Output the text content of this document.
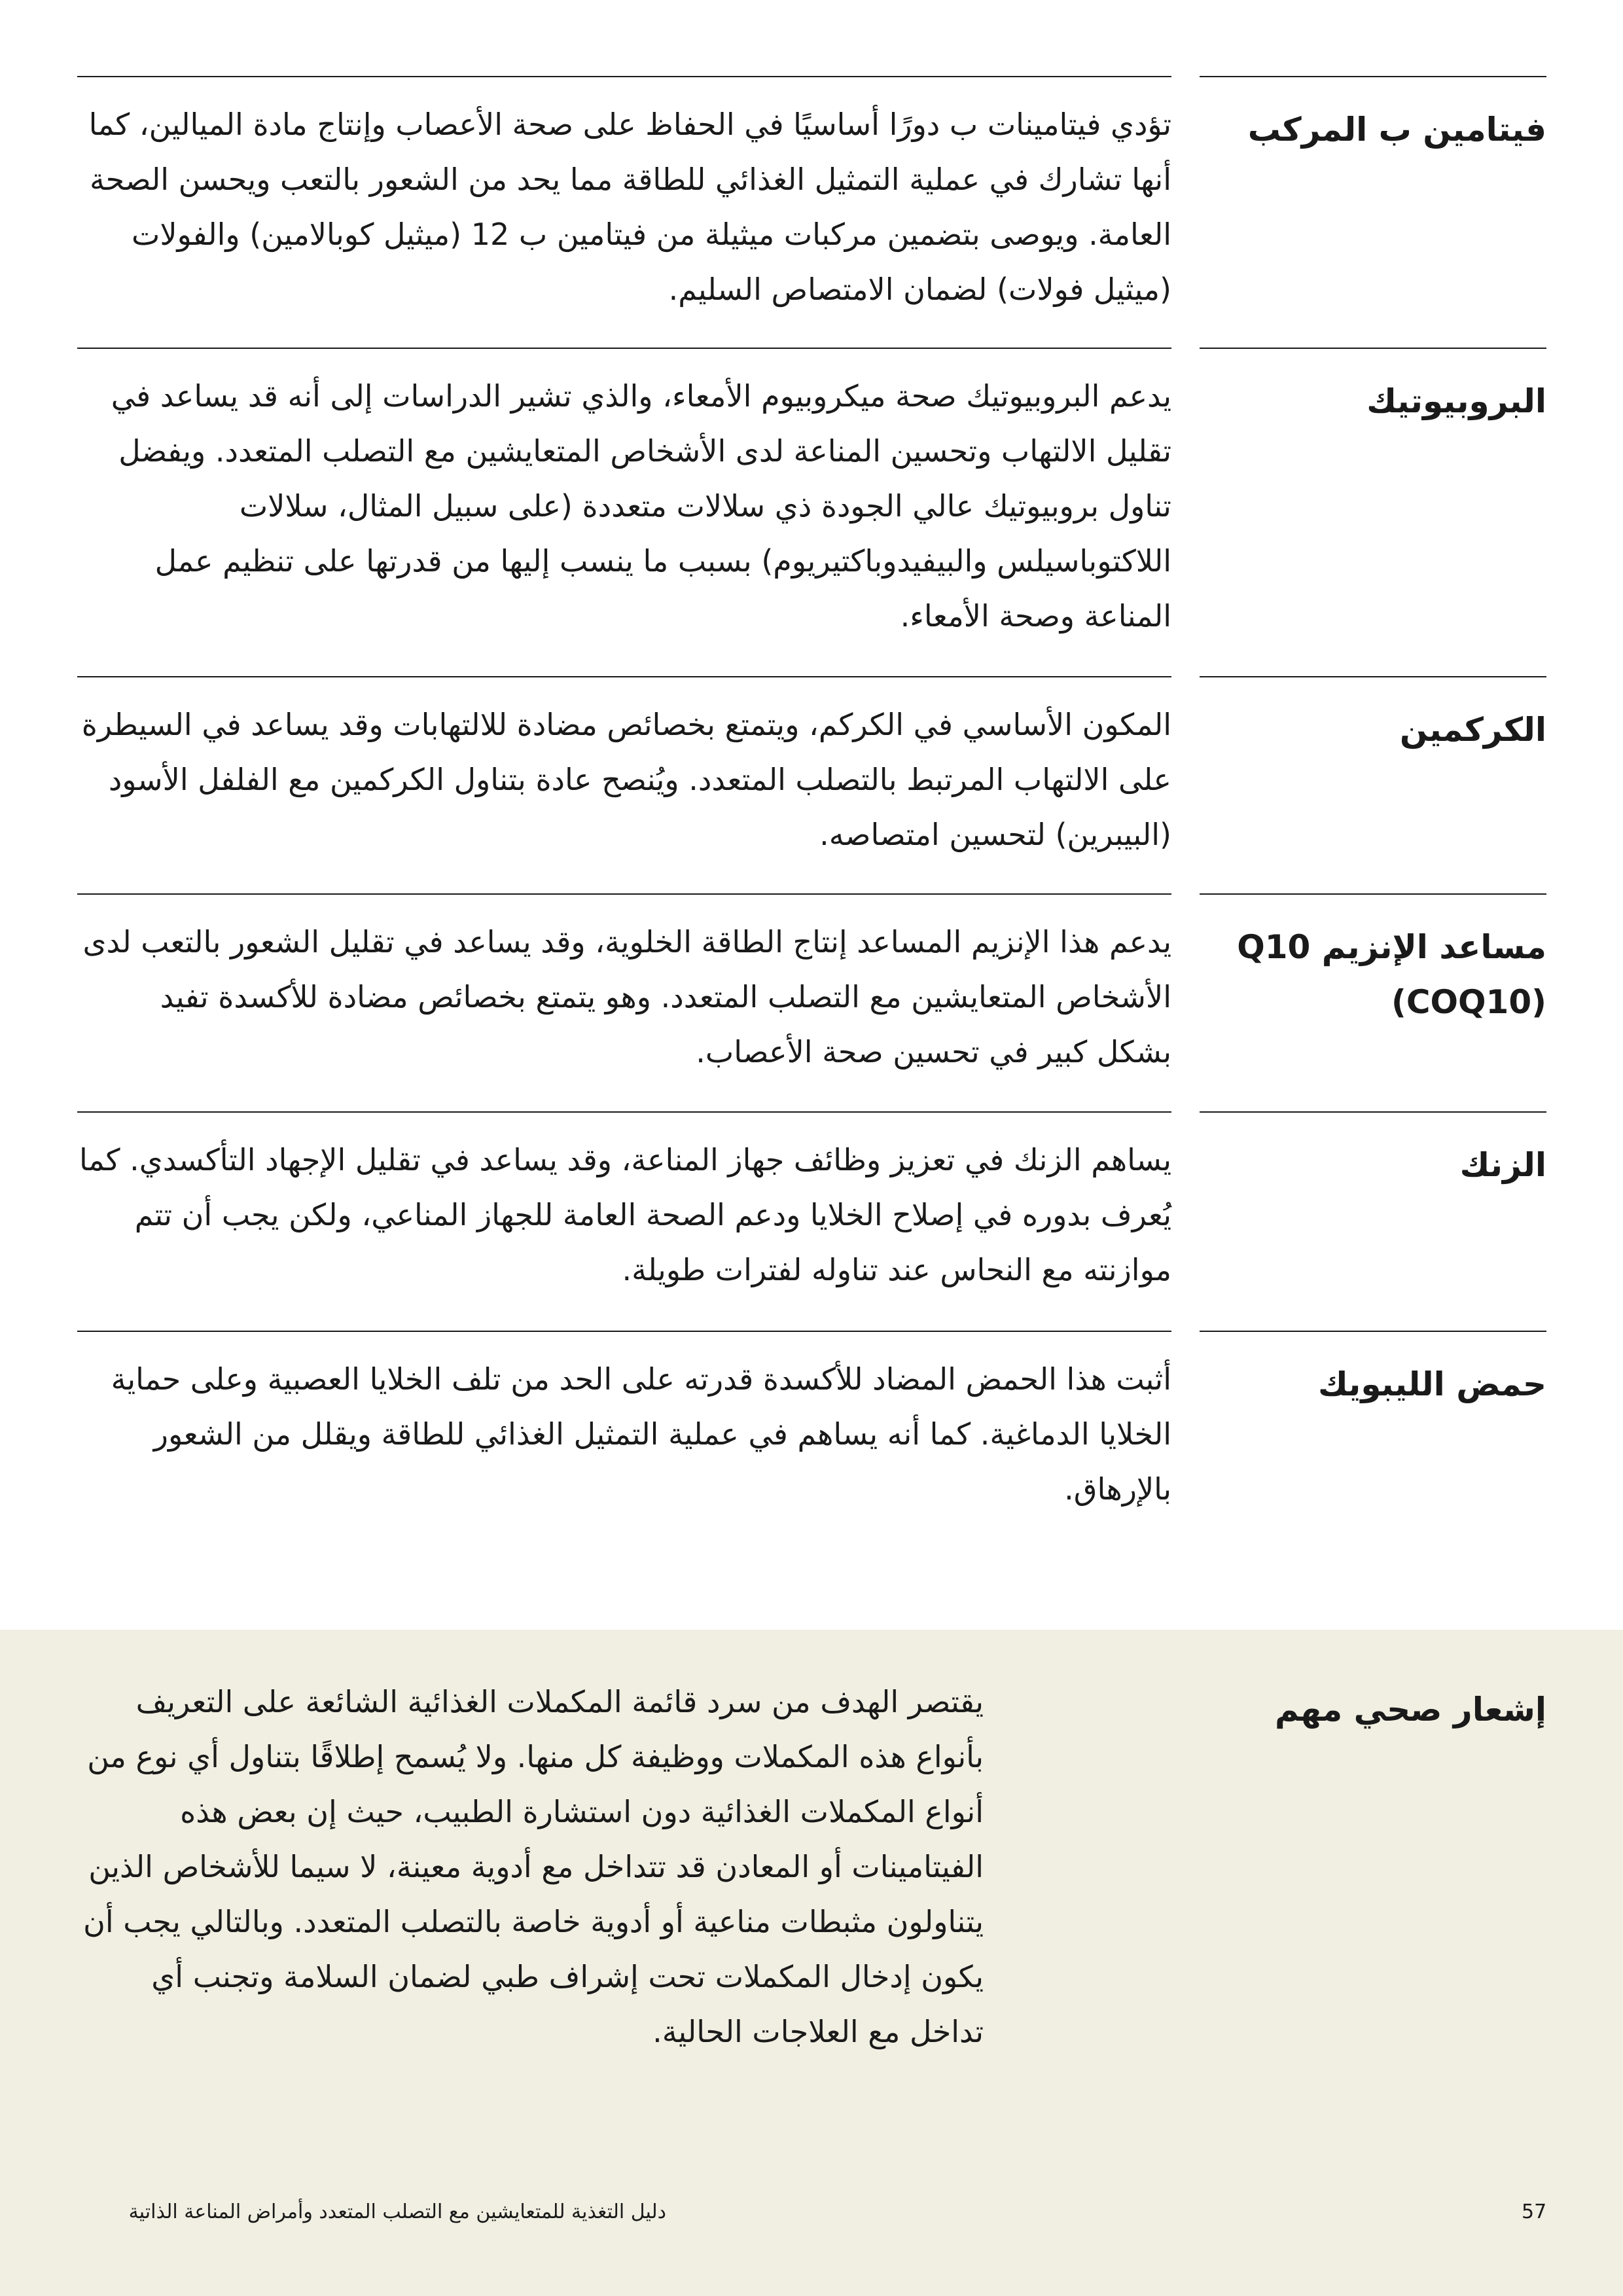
فيتامين ب المركب

تؤدي فيتامينات ب دورًا أساسيًا في الحفاظ على صحة الأعصاب وإنتاج مادة الميالين، كما أنها تشارك في عملية التمثيل الغذائي للطاقة مما يحد من الشعور بالتعب ويحسن الصحة العامة. ويوصى بتضمين مركبات ميثيلة من فيتامين ب 12 (ميثيل كوبالامين) والفولات (ميثيل فولات) لضمان الامتصاص السليم.

البروبيوتيك

يدعم البروبيوتيك صحة ميكروبيوم الأمعاء، والذي تشير الدراسات إلى أنه قد يساعد في تقليل الالتهاب وتحسين المناعة لدى الأشخاص المتعايشين مع التصلب المتعدد. ويفضل تناول بروبيوتيك عالي الجودة ذي سلالات متعددة (على سبيل المثال، سلالات اللاكتوباسيلس والبيفيدوباكتيريوم) بسبب ما ينسب إليها من قدرتها على تنظيم عمل المناعة وصحة الأمعاء.

الكركمين

المكون الأساسي في الكركم، ويتمتع بخصائص مضادة للالتهابات وقد يساعد في السيطرة على الالتهاب المرتبط بالتصلب المتعدد. ويُنصح عادة بتناول الكركمين مع الفلفل الأسود (البيبرين) لتحسين امتصاصه.

مساعد الإنزيم Q10 (COQ10)

يدعم هذا الإنزيم المساعد إنتاج الطاقة الخلوية، وقد يساعد في تقليل الشعور بالتعب لدى الأشخاص المتعايشين مع التصلب المتعدد. وهو يتمتع بخصائص مضادة للأكسدة تفيد بشكل كبير في تحسين صحة الأعصاب.

الزنك

يساهم الزنك في تعزيز وظائف جهاز المناعة، وقد يساعد في تقليل الإجهاد التأكسدي. كما يُعرف بدوره في إصلاح الخلايا ودعم الصحة العامة للجهاز المناعي، ولكن يجب أن تتم موازنته مع النحاس عند تناوله لفترات طويلة.

حمض الليبويك

أثبت هذا الحمض المضاد للأكسدة قدرته على الحد من تلف الخلايا العصبية وعلى حماية الخلايا الدماغية. كما أنه يساهم في عملية التمثيل الغذائي للطاقة ويقلل من الشعور بالإرهاق.

إشعار صحي مهم

يقتصر الهدف من سرد قائمة المكملات الغذائية الشائعة على التعريف بأنواع هذه المكملات ووظيفة كل منها. ولا يُسمح إطلاقًا بتناول أي نوع من أنواع المكملات الغذائية دون استشارة الطبيب، حيث إن بعض هذه الفيتامينات أو المعادن قد تتداخل مع أدوية معينة، لا سيما للأشخاص الذين يتناولون مثبطات مناعية أو أدوية خاصة بالتصلب المتعدد. وبالتالي يجب أن يكون إدخال المكملات تحت إشراف طبي لضمان السلامة وتجنب أي تداخل مع العلاجات الحالية.

57
دليل التغذية للمتعايشين مع التصلب المتعدد وأمراض المناعة الذاتية
